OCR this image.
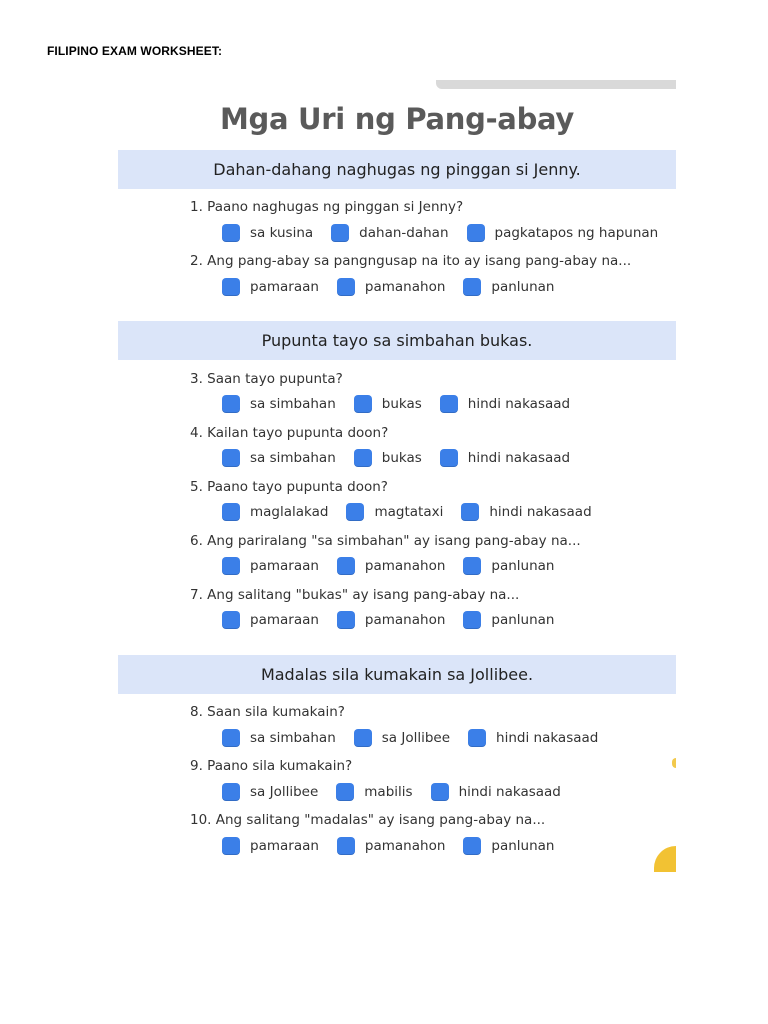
FILIPINO EXAM WORKSHEET:
Mga Uri ng Pang-abay
Dahan-dahang naghugas ng pinggan si Jenny.
1. Paano naghugas ng pinggan si Jenny?
sa kusina	dahan-dahan	pagkatapos ng hapunan
2. Ang pang-abay sa pangngusap na ito ay isang pang-abay na...
pamaraan	pamanahon	panlunan
Pupunta tayo sa simbahan bukas.
3. Saan tayo pupunta?
sa simbahan	bukas	hindi nakasaad
4. Kailan tayo pupunta doon?
sa simbahan	bukas	hindi nakasaad
5. Paano tayo pupunta doon?
maglalakad	magtataxi	hindi nakasaad
6. Ang pariralang "sa simbahan" ay isang pang-abay na...
pamaraan	pamanahon	panlunan
7. Ang salitang "bukas" ay isang pang-abay na...
pamaraan	pamanahon	panlunan
Madalas sila kumakain sa Jollibee.
8. Saan sila kumakain?
sa simbahan	sa Jollibee	hindi nakasaad
9. Paano sila kumakain?
sa Jollibee	mabilis	hindi nakasaad
10. Ang salitang "madalas" ay isang pang-abay na...
pamaraan	pamanahon	panlunan
